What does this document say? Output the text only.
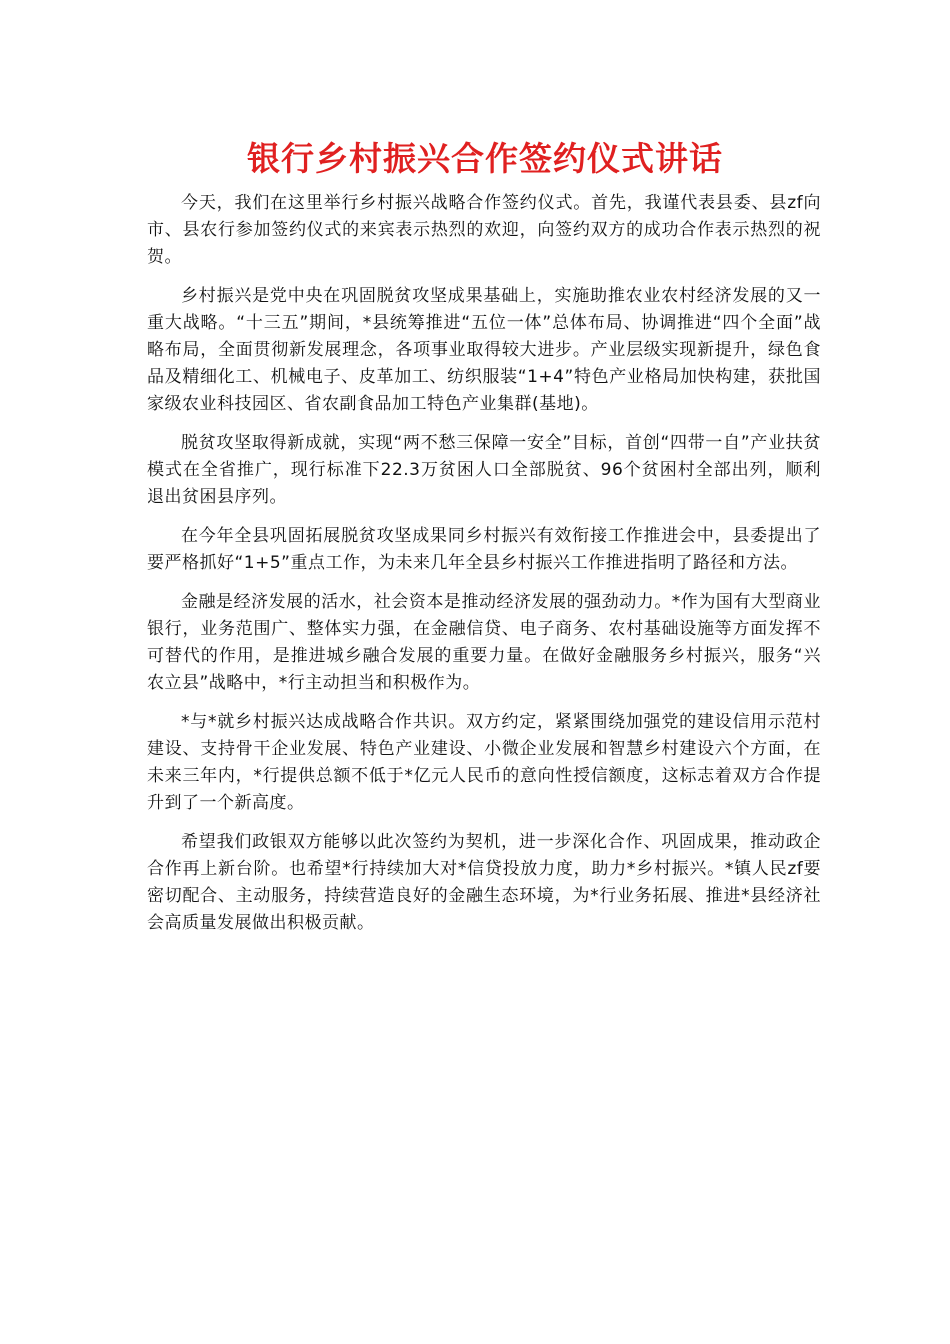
银行乡村振兴合作签约仪式讲话

今天，我们在这里举行乡村振兴战略合作签约仪式。首先，我谨代表县委、县zf向市、县农行参加签约仪式的来宾表示热烈的欢迎，向签约双方的成功合作表示热烈的祝贺。

乡村振兴是党中央在巩固脱贫攻坚成果基础上，实施助推农业农村经济发展的又一重大战略。“十三五”期间，*县统筹推进“五位一体”总体布局、协调推进“四个全面”战略布局，全面贯彻新发展理念，各项事业取得较大进步。产业层级实现新提升，绿色食品及精细化工、机械电子、皮革加工、纺织服装“1+4”特色产业格局加快构建，获批国家级农业科技园区、省农副食品加工特色产业集群(基地)。

脱贫攻坚取得新成就，实现“两不愁三保障一安全”目标，首创“四带一自”产业扶贫模式在全省推广，现行标准下22.3万贫困人口全部脱贫、96个贫困村全部出列，顺利退出贫困县序列。

在今年全县巩固拓展脱贫攻坚成果同乡村振兴有效衔接工作推进会中，县委提出了要严格抓好“1+5”重点工作，为未来几年全县乡村振兴工作推进指明了路径和方法。

金融是经济发展的活水，社会资本是推动经济发展的强劲动力。*作为国有大型商业银行，业务范围广、整体实力强，在金融信贷、电子商务、农村基础设施等方面发挥不可替代的作用，是推进城乡融合发展的重要力量。在做好金融服务乡村振兴，服务“兴农立县”战略中，*行主动担当和积极作为。

*与*就乡村振兴达成战略合作共识。双方约定，紧紧围绕加强党的建设信用示范村建设、支持骨干企业发展、特色产业建设、小微企业发展和智慧乡村建设六个方面，在未来三年内，*行提供总额不低于*亿元人民币的意向性授信额度，这标志着双方合作提升到了一个新高度。

希望我们政银双方能够以此次签约为契机，进一步深化合作、巩固成果，推动政企合作再上新台阶。也希望*行持续加大对*信贷投放力度，助力*乡村振兴。*镇人民zf要密切配合、主动服务，持续营造良好的金融生态环境，为*行业务拓展、推进*县经济社会高质量发展做出积极贡献。
